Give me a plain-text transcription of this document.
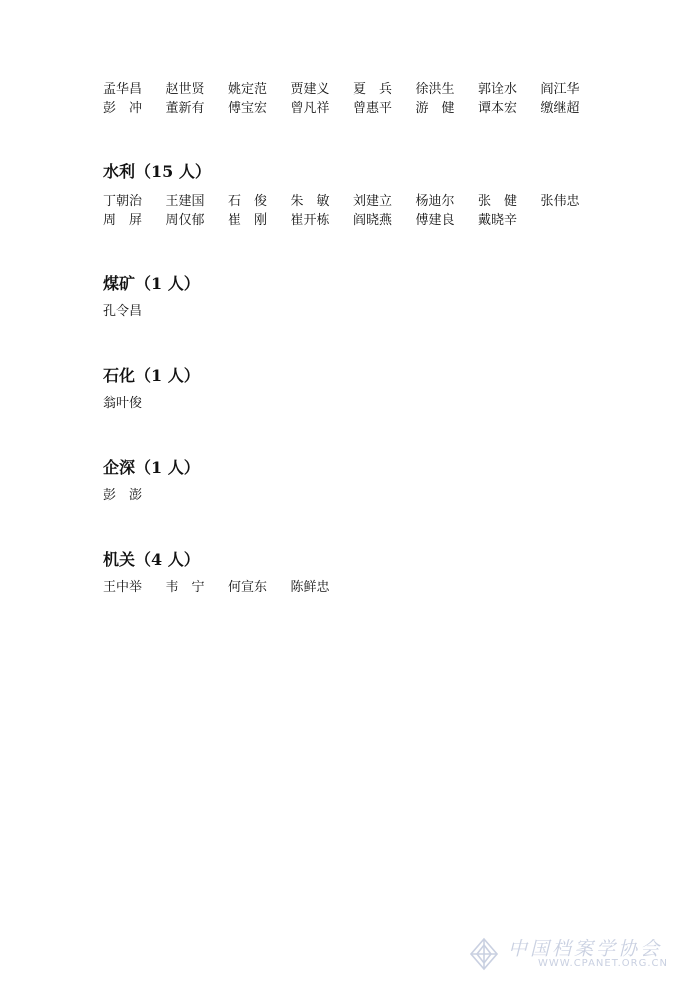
孟华昌	赵世贤	姚定范	贾建义	夏　兵	徐洪生	郭诠水	阎江华
彭　冲	董新有	傅宝宏	曾凡祥	曾惠平	游　健	谭本宏	缴继超
水利（15 人）
丁朝治	王建国	石　俊	朱　敏	刘建立	杨迪尔	张　健	张伟忠
周　屏	周仅郁	崔　刚	崔开栋	阎晓燕	傅建良	戴晓辛
煤矿（1 人）
孔令昌
石化（1 人）
翁叶俊
企深（1 人）
彭　澎
机关（4 人）
王中举	韦　宁	何宣东	陈鲜忠
中国档案学协会
WWW.CPANET.ORG.CN
